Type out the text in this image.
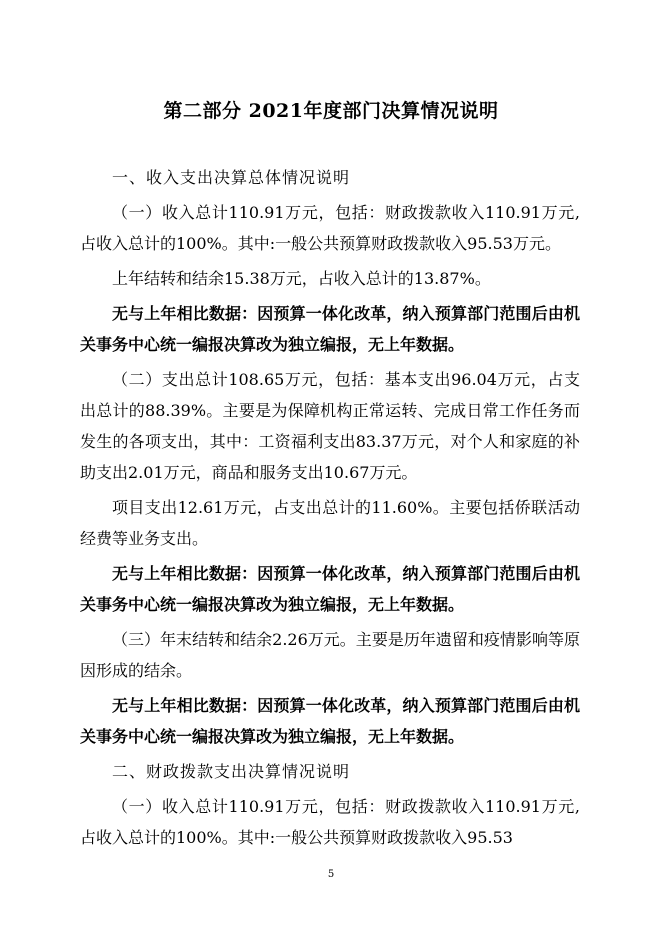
第二部分 2021年度部门决算情况说明

一、收入支出决算总体情况说明

（一）收入总计110.91万元，包括：财政拨款收入110.91万元,占收入总计的100%。其中:一般公共预算财政拨款收入95.53万元。

上年结转和结余15.38万元，占收入总计的13.87%。

无与上年相比数据：因预算一体化改革，纳入预算部门范围后由机关事务中心统一编报决算改为独立编报，无上年数据。

（二）支出总计108.65万元，包括：基本支出96.04万元，占支出总计的88.39%。主要是为保障机构正常运转、完成日常工作任务而发生的各项支出，其中：工资福利支出83.37万元，对个人和家庭的补助支出2.01万元，商品和服务支出10.67万元。

项目支出12.61万元，占支出总计的11.60%。主要包括侨联活动经费等业务支出。

无与上年相比数据：因预算一体化改革，纳入预算部门范围后由机关事务中心统一编报决算改为独立编报，无上年数据。

（三）年末结转和结余2.26万元。主要是历年遗留和疫情影响等原因形成的结余。

无与上年相比数据：因预算一体化改革，纳入预算部门范围后由机关事务中心统一编报决算改为独立编报，无上年数据。

二、财政拨款支出决算情况说明

（一）收入总计110.91万元，包括：财政拨款收入110.91万元,占收入总计的100%。其中:一般公共预算财政拨款收入95.53

5
